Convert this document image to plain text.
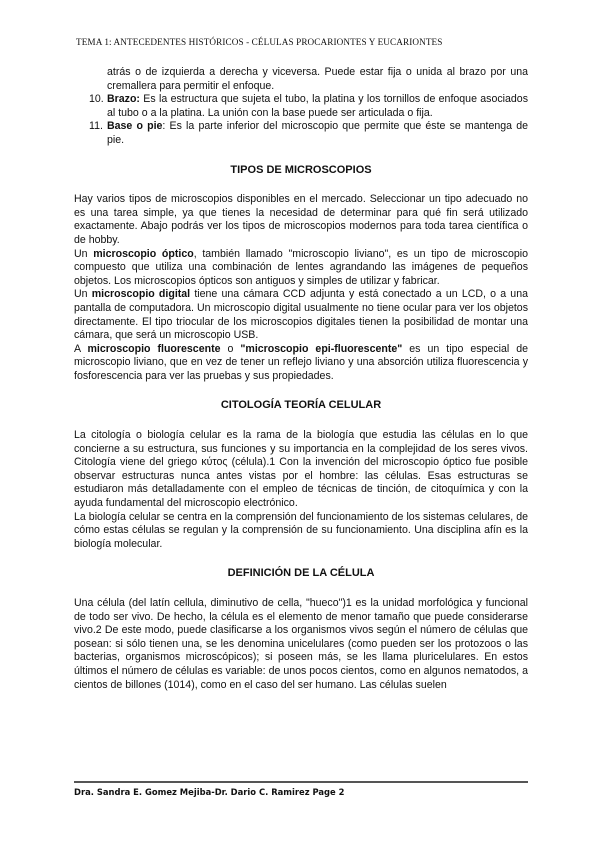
TEMA 1: ANTECEDENTES HISTÓRICOS - CÉLULAS PROCARIONTES Y EUCARIONTES

atrás o de izquierda a derecha y viceversa. Puede estar fija o unida al brazo por una cremallera para permitir el enfoque.

10. Brazo: Es la estructura que sujeta el tubo, la platina y los tornillos de enfoque asociados al tubo o a la platina. La unión con la base puede ser articulada o fija.

11. Base o pie: Es la parte inferior del microscopio que permite que éste se mantenga de pie.

TIPOS DE MICROSCOPIOS

Hay varios tipos de microscopios disponibles en el mercado. Seleccionar un tipo adecuado no es una tarea simple, ya que tienes la necesidad de determinar para qué fin será utilizado exactamente. Abajo podrás ver los tipos de microscopios modernos para toda tarea científica o de hobby.

Un microscopio óptico, también llamado "microscopio liviano", es un tipo de microscopio compuesto que utiliza una combinación de lentes agrandando las imágenes de pequeños objetos. Los microscopios ópticos son antiguos y simples de utilizar y fabricar.

Un microscopio digital tiene una cámara CCD adjunta y está conectado a un LCD, o a una pantalla de computadora. Un microscopio digital usualmente no tiene ocular para ver los objetos directamente. El tipo triocular de los microscopios digitales tienen la posibilidad de montar una cámara, que será un microscopio USB.

A microscopio fluorescente o "microscopio epi-fluorescente" es un tipo especial de microscopio liviano, que en vez de tener un reflejo liviano y una absorción utiliza fluorescencia y fosforescencia para ver las pruebas y sus propiedades.

CITOLOGÍA TEORÍA CELULAR

La citología o biología celular es la rama de la biología que estudia las células en lo que concierne a su estructura, sus funciones y su importancia en la complejidad de los seres vivos. Citología viene del griego κύτος (célula).1 Con la invención del microscopio óptico fue posible observar estructuras nunca antes vistas por el hombre: las células. Esas estructuras se estudiaron más detalladamente con el empleo de técnicas de tinción, de citoquímica y con la ayuda fundamental del microscopio electrónico.

La biología celular se centra en la comprensión del funcionamiento de los sistemas celulares, de cómo estas células se regulan y la comprensión de su funcionamiento. Una disciplina afín es la biología molecular.

DEFINICIÓN DE LA CÉLULA

Una célula (del latín cellula, diminutivo de cella, "hueco")1 es la unidad morfológica y funcional de todo ser vivo. De hecho, la célula es el elemento de menor tamaño que puede considerarse vivo.2 De este modo, puede clasificarse a los organismos vivos según el número de células que posean: si sólo tienen una, se les denomina unicelulares (como pueden ser los protozoos o las bacterias, organismos microscópicos); si poseen más, se les llama pluricelulares. En estos últimos el número de células es variable: de unos pocos cientos, como en algunos nematodos, a cientos de billones (1014), como en el caso del ser humano. Las células suelen

Dra. Sandra E. Gomez Mejiba-Dr. Dario C. Ramirez Page 2
